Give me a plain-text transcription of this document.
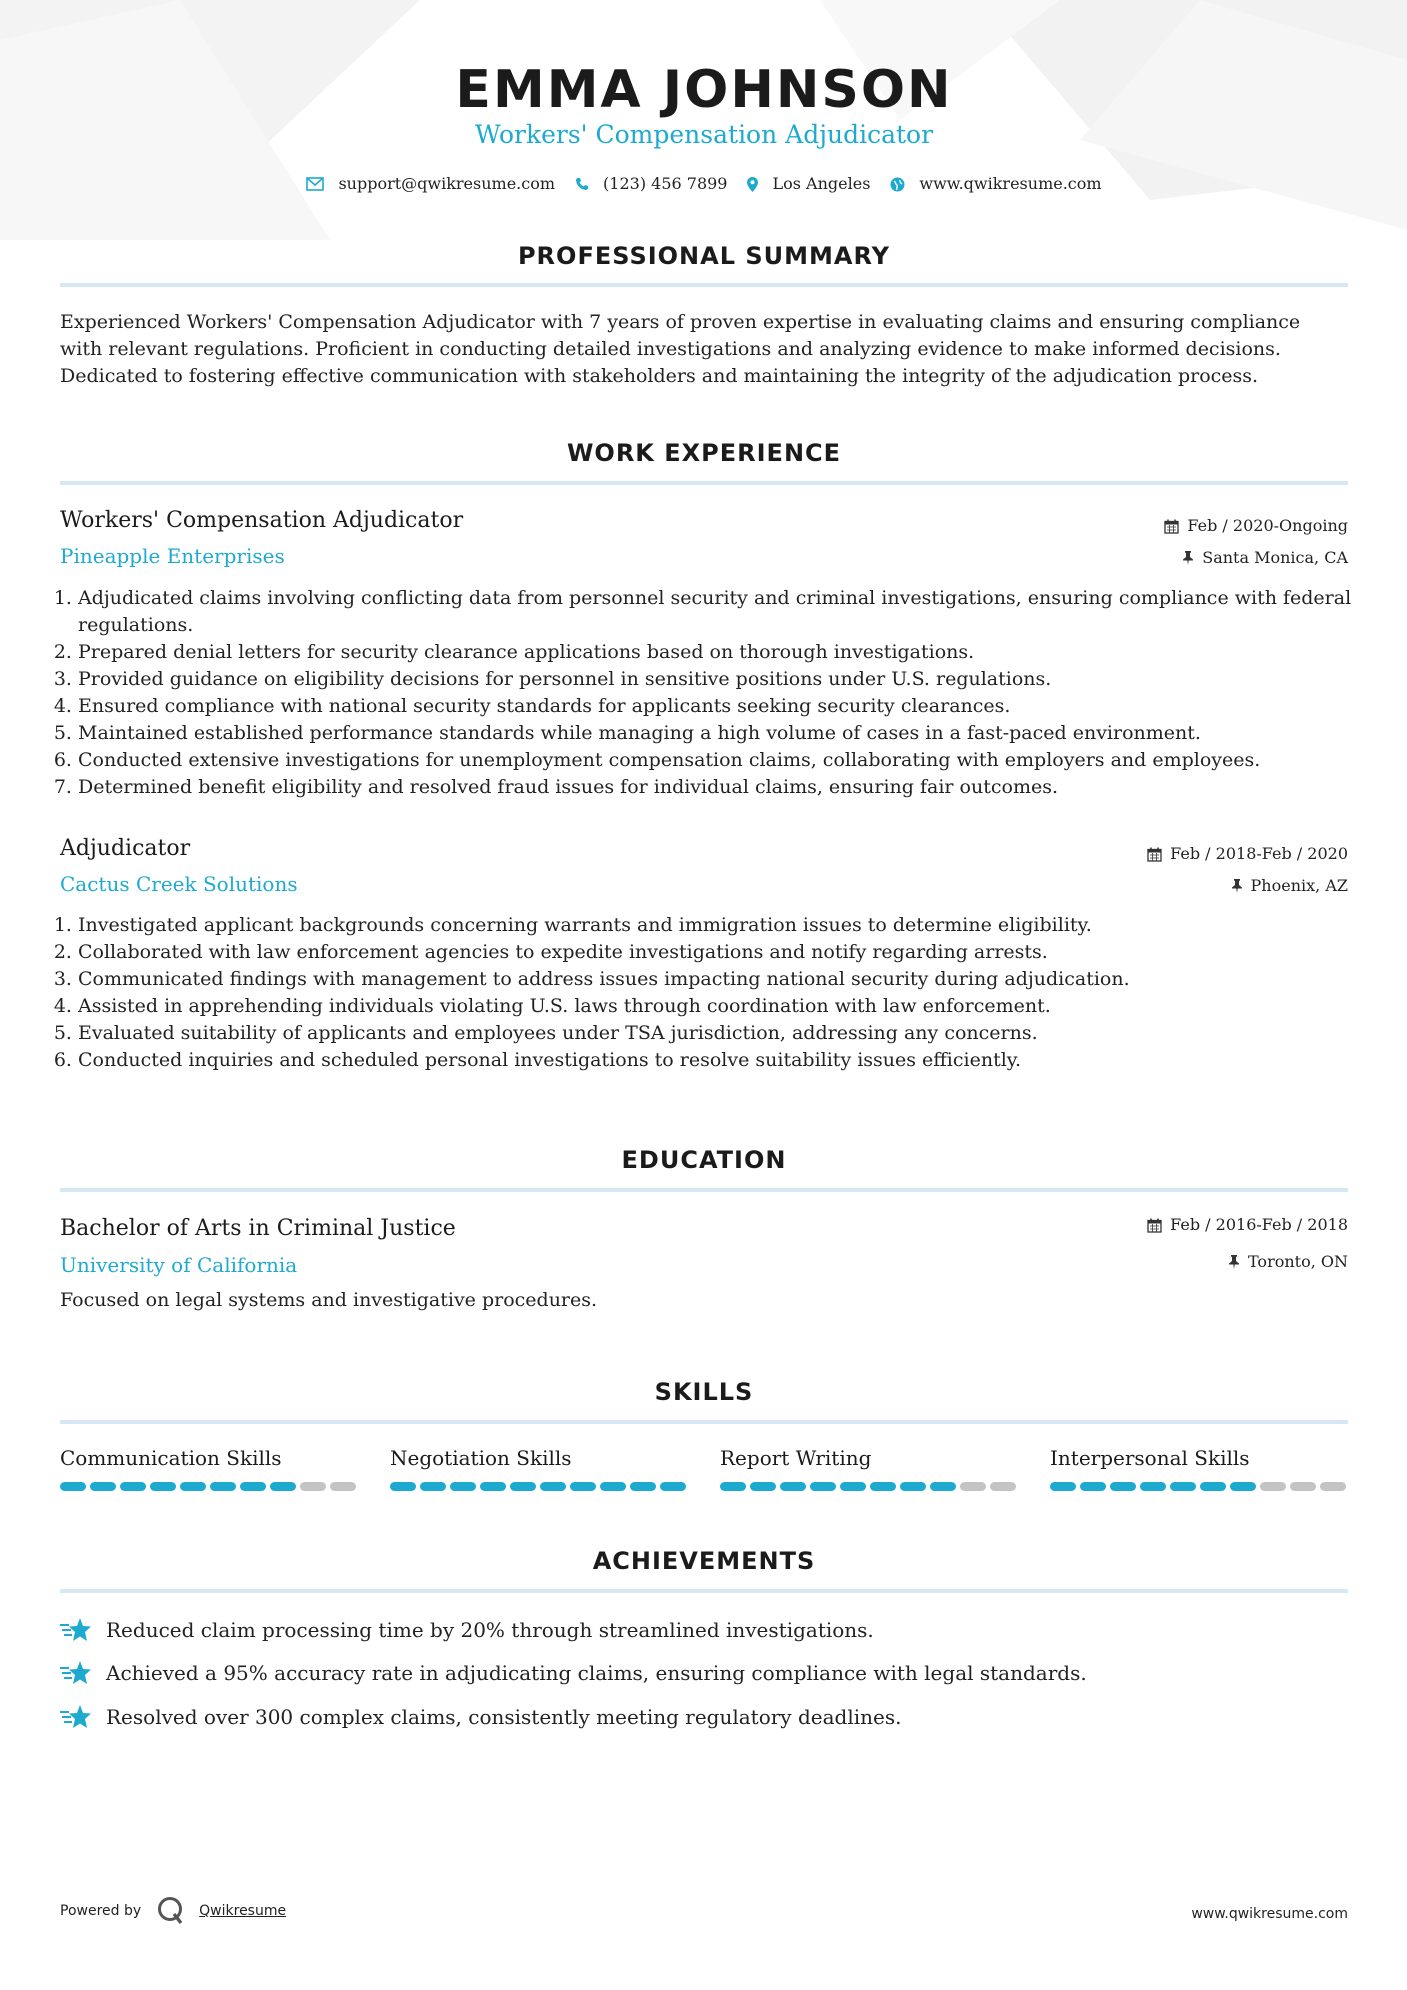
EMMA JOHNSON
Workers' Compensation Adjudicator
support@qwikresume.com	(123) 456 7899	Los Angeles	www.qwikresume.com
PROFESSIONAL SUMMARY
Experienced Workers' Compensation Adjudicator with 7 years of proven expertise in evaluating claims and ensuring compliance with relevant regulations. Proficient in conducting detailed investigations and analyzing evidence to make informed decisions. Dedicated to fostering effective communication with stakeholders and maintaining the integrity of the adjudication process.
WORK EXPERIENCE
Workers' Compensation Adjudicator
Pineapple Enterprises
Feb / 2020-Ongoing
Santa Monica, CA
1. Adjudicated claims involving conflicting data from personnel security and criminal investigations, ensuring compliance with federal regulations.
2. Prepared denial letters for security clearance applications based on thorough investigations.
3. Provided guidance on eligibility decisions for personnel in sensitive positions under U.S. regulations.
4. Ensured compliance with national security standards for applicants seeking security clearances.
5. Maintained established performance standards while managing a high volume of cases in a fast-paced environment.
6. Conducted extensive investigations for unemployment compensation claims, collaborating with employers and employees.
7. Determined benefit eligibility and resolved fraud issues for individual claims, ensuring fair outcomes.
Adjudicator
Cactus Creek Solutions
Feb / 2018-Feb / 2020
Phoenix, AZ
1. Investigated applicant backgrounds concerning warrants and immigration issues to determine eligibility.
2. Collaborated with law enforcement agencies to expedite investigations and notify regarding arrests.
3. Communicated findings with management to address issues impacting national security during adjudication.
4. Assisted in apprehending individuals violating U.S. laws through coordination with law enforcement.
5. Evaluated suitability of applicants and employees under TSA jurisdiction, addressing any concerns.
6. Conducted inquiries and scheduled personal investigations to resolve suitability issues efficiently.
EDUCATION
Bachelor of Arts in Criminal Justice
University of California
Feb / 2016-Feb / 2018
Toronto, ON
Focused on legal systems and investigative procedures.
SKILLS
Communication Skills	Negotiation Skills	Report Writing	Interpersonal Skills
ACHIEVEMENTS
Reduced claim processing time by 20% through streamlined investigations.
Achieved a 95% accuracy rate in adjudicating claims, ensuring compliance with legal standards.
Resolved over 300 complex claims, consistently meeting regulatory deadlines.
Powered by	Qwikresume	www.qwikresume.com
